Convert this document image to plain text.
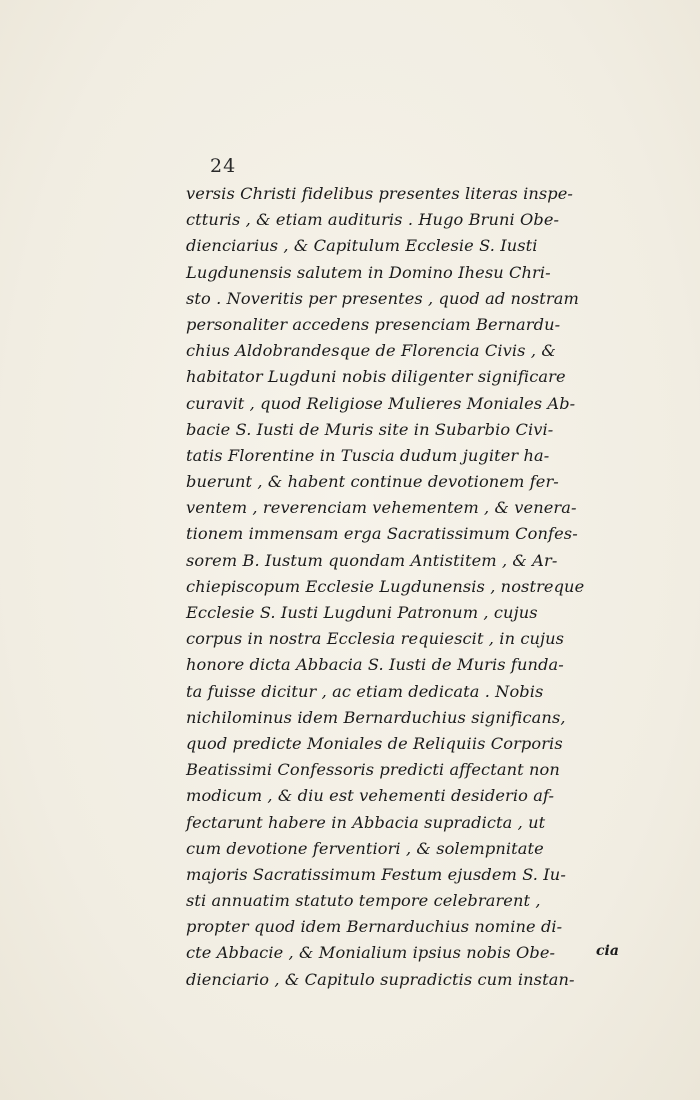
24
versis Christi fidelibus presentes literas inspe-
ctturis , & etiam audituris . Hugo Bruni Obe-
dienciarius , & Capitulum Ecclesie S. Iusti
Lugdunensis salutem in Domino Ihesu Chri-
sto . Noveritis per presentes , quod ad nostram
personaliter accedens presenciam Bernardu-
chius Aldobrandesque de Florencia Civis , &
habitator Lugduni nobis diligenter significare
curavit , quod Religiose Mulieres Moniales Ab-
bacie S. Iusti de Muris site in Subarbio Civi-
tatis Florentine in Tuscia dudum jugiter ha-
buerunt , & habent continue devotionem fer-
ventem , reverenciam vehementem , & venera-
tionem immensam erga Sacratissimum Confes-
sorem B. Iustum quondam Antistitem , & Ar-
chiepiscopum Ecclesie Lugdunensis , nostreque
Ecclesie S. Iusti Lugduni Patronum , cujus
corpus in nostra Ecclesia requiescit , in cujus
honore dicta Abbacia S. Iusti de Muris funda-
ta fuisse dicitur , ac etiam dedicata . Nobis
nichilominus idem Bernarduchius significans,
quod predicte Moniales de Reliquiis Corporis
Beatissimi Confessoris predicti affectant non
modicum , & diu est vehementi desiderio af-
fectarunt habere in Abbacia supradicta , ut
cum devotione ferventiori , & solempnitate
majoris Sacratissimum Festum ejusdem S. Iu-
sti annuatim statuto tempore celebrarent ,
propter quod idem Bernarduchius nomine di-
cte Abbacie , & Monialium ipsius nobis Obe-
dienciario , & Capitulo supradictis cum instan-
cia
